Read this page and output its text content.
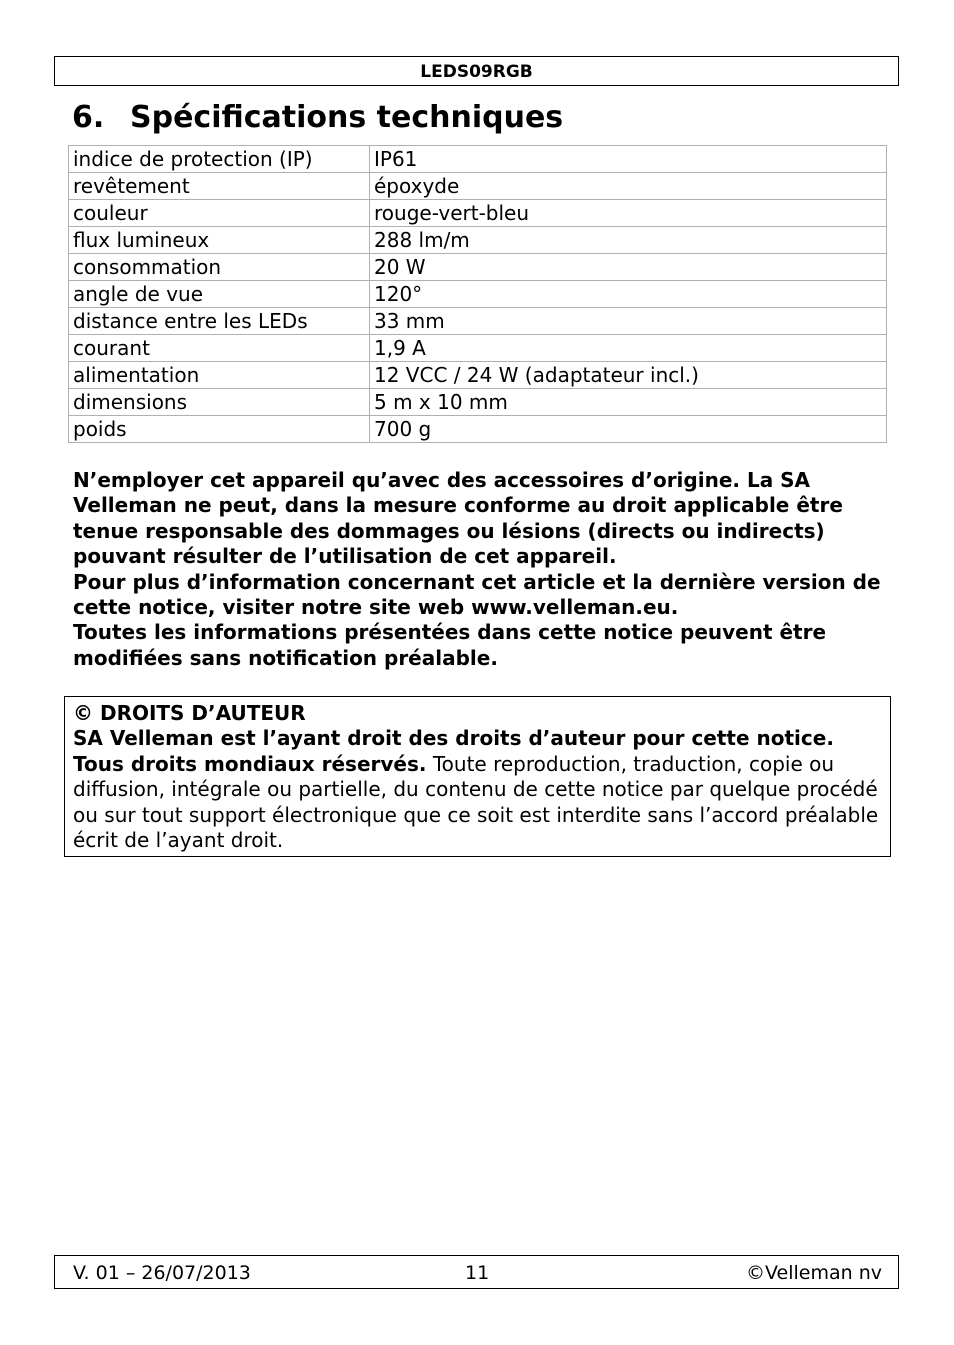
LEDS09RGB
6. Spécifications techniques
indice de protection (IP)	IP61
revêtement	époxyde
couleur	rouge-vert-bleu
flux lumineux	288 lm/m
consommation	20 W
angle de vue	120°
distance entre les LEDs	33 mm
courant	1,9 A
alimentation	12 VCC / 24 W (adaptateur incl.)
dimensions	5 m x 10 mm
poids	700 g

N’employer cet appareil qu’avec des accessoires d’origine. La SA Velleman ne peut, dans la mesure conforme au droit applicable être tenue responsable des dommages ou lésions (directs ou indirects) pouvant résulter de l’utilisation de cet appareil.

Pour plus d’information concernant cet article et la dernière version de cette notice, visiter notre site web www.velleman.eu.

Toutes les informations présentées dans cette notice peuvent être modifiées sans notification préalable.

© DROITS D’AUTEUR

SA Velleman est l’ayant droit des droits d’auteur pour cette notice.

Tous droits mondiaux réservés. Toute reproduction, traduction, copie ou diffusion, intégrale ou partielle, du contenu de cette notice par quelque procédé ou sur tout support électronique que ce soit est interdite sans l’accord préalable écrit de l’ayant droit.

V. 01 – 26/07/2013	11	©Velleman nv
